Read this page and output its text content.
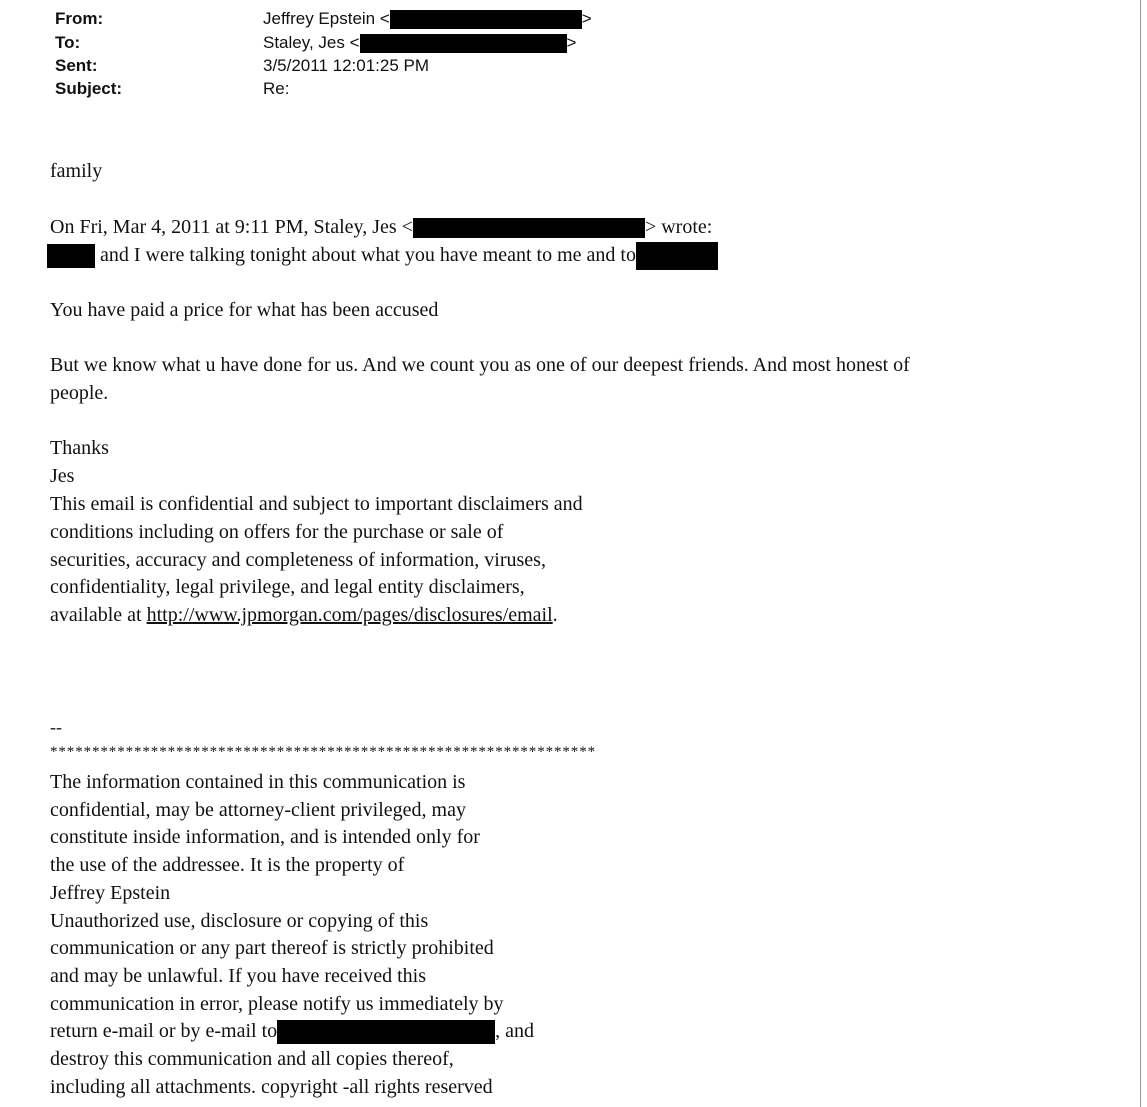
From:	Jeffrey Epstein <	>
To:	Staley, Jes <	>
Sent:	3/5/2011 12:01:25 PM
Subject:	Re:
family
On Fri, Mar 4, 2011 at 9:11 PM, Staley, Jes <	> wrote:
and I were talking tonight about what you have meant to me and to
You have paid a price for what has been accused
But we know what u have done for us. And we count you as one of our deepest friends. And most honest of
people.
Thanks
Jes
This email is confidential and subject to important disclaimers and
conditions including on offers for the purchase or sale of
securities, accuracy and completeness of information, viruses,
confidentiality, legal privilege, and legal entity disclaimers,
available at http://www.jpmorgan.com/pages/disclosures/email.
--
*****************************************************************
The information contained in this communication is
confidential, may be attorney-client privileged, may
constitute inside information, and is intended only for
the use of the addressee. It is the property of
Jeffrey Epstein
Unauthorized use, disclosure or copying of this
communication or any part thereof is strictly prohibited
and may be unlawful. If you have received this
communication in error, please notify us immediately by
return e-mail or by e-mail to	, and
destroy this communication and all copies thereof,
including all attachments. copyright -all rights reserved
